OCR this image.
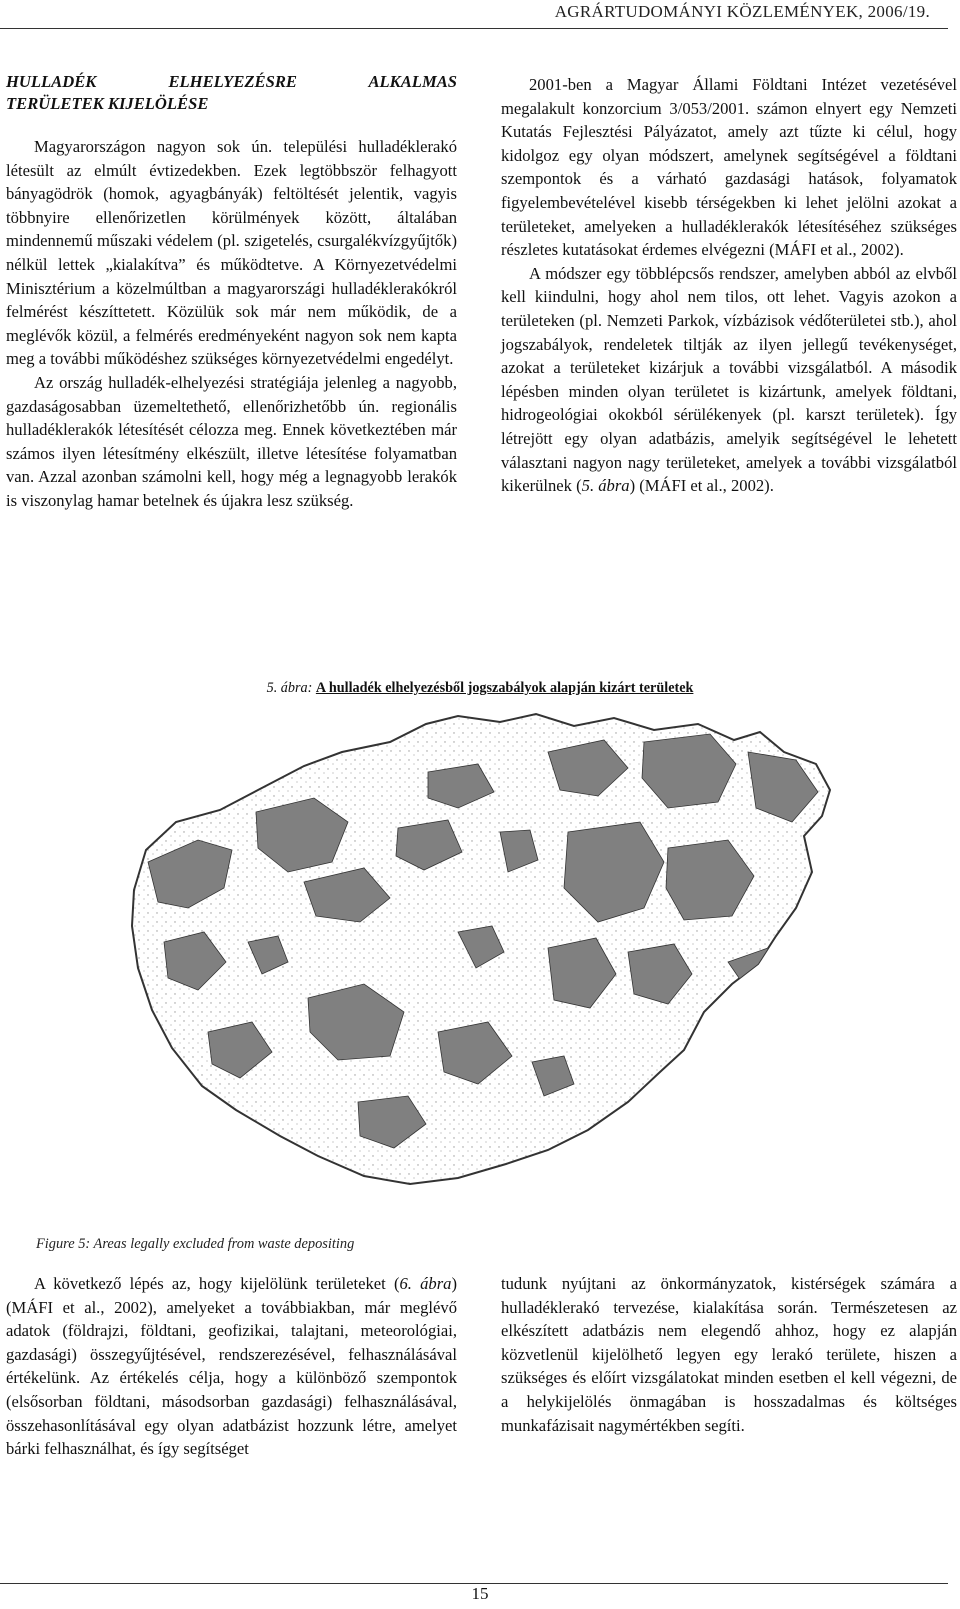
AGRÁRTUDOMÁNYI KÖZLEMÉNYEK, 2006/19.
HULLADÉK ELHELYEZÉSRE ALKALMAS
TERÜLETEK KIJELÖLÉSE

Magyarországon nagyon sok ún. települési hulladéklerakó létesült az elmúlt évtizedekben. Ezek legtöbbször felhagyott bányagödrök (homok, agyagbányák) feltöltését jelentik, vagyis többnyire ellenőrizetlen körülmények között, általában mindennemű műszaki védelem (pl. szigetelés, csurgalékvízgyűjtők) nélkül lettek „kialakítva” és működtetve. A Környezetvédelmi Minisztérium a közelmúltban a magyarországi hulladéklerakókról felmérést készíttetett. Közülük sok már nem működik, de a meglévők közül, a felmérés eredményeként nagyon sok nem kapta meg a további működéshez szükséges környezetvédelmi engedélyt.

Az ország hulladék-elhelyezési stratégiája jelenleg a nagyobb, gazdaságosabban üzemeltethető, ellenőrizhetőbb ún. regionális hulladéklerakók létesítését célozza meg. Ennek következtében már számos ilyen létesítmény elkészült, illetve létesítése folyamatban van. Azzal azonban számolni kell, hogy még a legnagyobb lerakók is viszonylag hamar betelnek és újakra lesz szükség.

2001-ben a Magyar Állami Földtani Intézet vezetésével megalakult konzorcium 3/053/2001. számon elnyert egy Nemzeti Kutatás Fejlesztési Pályázatot, amely azt tűzte ki célul, hogy kidolgoz egy olyan módszert, amelynek segítségével a földtani szempontok és a várható gazdasági hatások, folyamatok figyelembevételével kisebb térségekben ki lehet jelölni azokat a területeket, amelyeken a hulladéklerakók létesítéséhez szükséges részletes kutatásokat érdemes elvégezni (MÁFI et al., 2002).

A módszer egy többlépcsős rendszer, amelyben abból az elvből kell kiindulni, hogy ahol nem tilos, ott lehet. Vagyis azokon a területeken (pl. Nemzeti Parkok, vízbázisok védőterületei stb.), ahol jogszabályok, rendeletek tiltják az ilyen jellegű tevékenységet, azokat a területeket kizárjuk a további vizsgálatból. A második lépésben minden olyan területet is kizártunk, amelyek földtani, hidrogeológiai okokból sérülékenyek (pl. karszt területek). Így létrejött egy olyan adatbázis, amelyik segítségével le lehetett választani nagyon nagy területeket, amelyek a további vizsgálatból kikerülnek (5. ábra) (MÁFI et al., 2002).

5. ábra: A hulladék elhelyezésből jogszabályok alapján kizárt területek
Figure 5: Areas legally excluded from waste depositing

A következő lépés az, hogy kijelölünk területeket (6. ábra) (MÁFI et al., 2002), amelyeket a továbbiakban, már meglévő adatok (földrajzi, földtani, geofizikai, talajtani, meteorológiai, gazdasági) összegyűjtésével, rendszerezésével, felhasználásával értékelünk. Az értékelés célja, hogy a különböző szempontok (elsősorban földtani, másodsorban gazdasági) felhasználásával, összehasonlításával egy olyan adatbázist hozzunk létre, amelyet bárki felhasználhat, és így segítséget

tudunk nyújtani az önkormányzatok, kistérségek számára a hulladéklerakó tervezése, kialakítása során. Természetesen az elkészített adatbázis nem elegendő ahhoz, hogy ez alapján közvetlenül kijelölhető legyen egy lerakó területe, hiszen a szükséges és előírt vizsgálatokat minden esetben el kell végezni, de a helykijelölés önmagában is hosszadalmas és költséges munkafázisait nagymértékben segíti.

15
